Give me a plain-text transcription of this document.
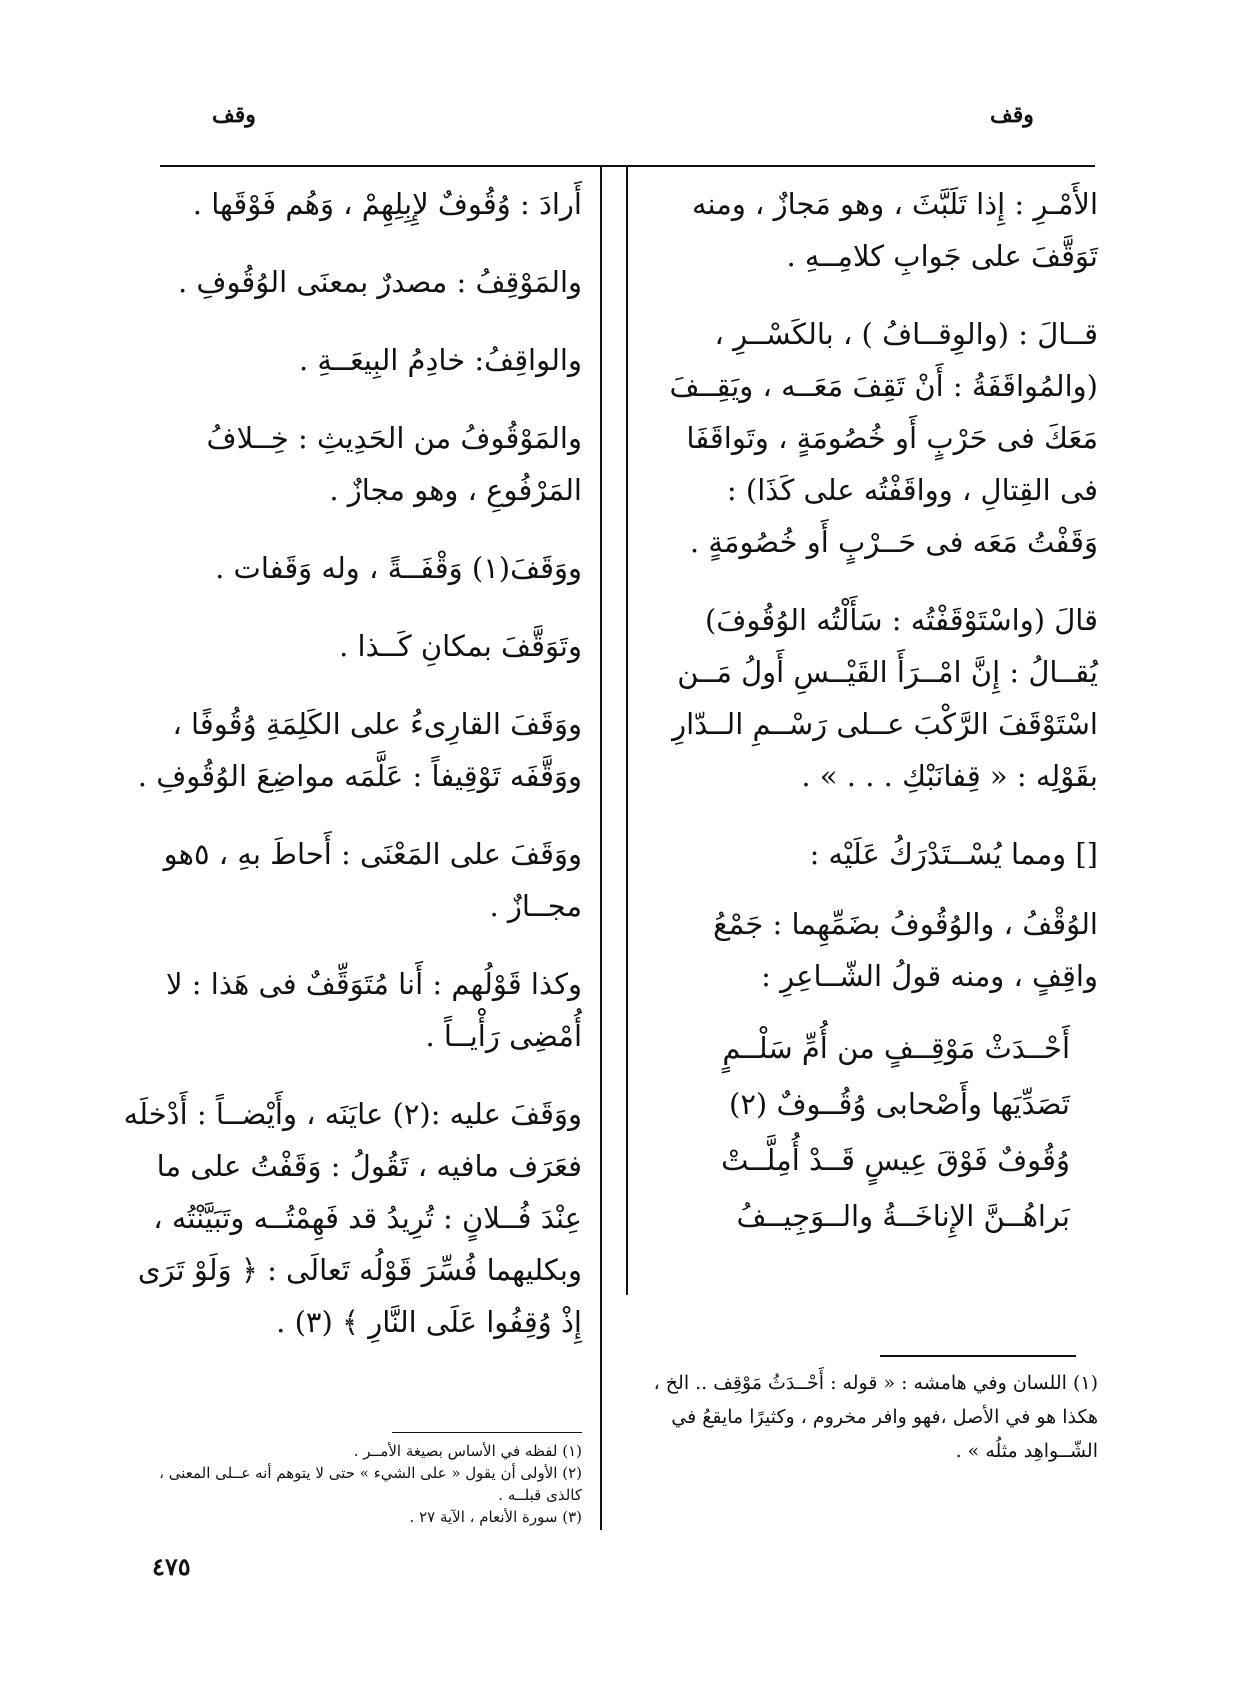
وقف
وقف

الأَمْـرِ : إِذا تَلَبَّثَ ، وهو مَجازٌ ، ومنه تَوَقَّفَ على جَوابِ كلامِــهِ .

قــالَ : (والوِقــافُ ) ، بالكَسْــرِ ، (والمُواقَفَةُ : أَنْ تَقِفَ مَعَــه ، ويَقِــفَ مَعَكَ فى حَرْبٍ أَو خُصُومَةٍ ، وتَواقَفَا فى القِتالِ ، وواقَفْتُه على كَذَا) : وَقَفْتُ مَعَه فى حَــرْبٍ أَو خُصُومَةٍ .

قالَ (واسْتَوْقَفْتُه : سَأَلْتُه الوُقُوفَ) يُقــالُ : إِنَّ امْــرَأَ القَيْــسِ أَولُ مَــن اسْتَوْقَفَ الرَّكْبَ عــلى رَسْــمِ الــدّارِ بقَوْلِه : « قِفانَبْكِ . . . » .

[] ومما يُسْــتَدْرَكُ عَلَيْه :

الوُقْفُ ، والوُقُوفُ بضَمِّهِما : جَمْعُ واقِفٍ ، ومنه قولُ الشّــاعِرِ :

أَحْــدَثْ مَوْقِــفٍ من أُمِّ سَلْــمٍ
تَصَدِّيَها وأَصْحابى وُقُــوفٌ (٢)
وُقُوفٌ فَوْقَ عِيسٍ قَــدْ أُمِلَّــتْ
بَراهُــنَّ الإِناخَــةُ والــوَجِيــفُ
(١) اللسان وفي هامشه : « قوله : أَحْــدَثُ مَوْقِف .. الخ ، هكذا هو في الأصل ،فهو وافر مخروم ، وكثيرًا مايقعُ في الشّــواهِد مثلُه » .

أَرادَ : وُقُوفٌ لإِبِلِهِمْ ، وَهُم فَوْقَها .

والمَوْقِفُ : مصدرٌ بمعنَى الوُقُوفِ .

والواقِفُ: خادِمُ البِيعَــةِ .

والمَوْقُوفُ من الحَدِيثِ : خِــلافُ المَرْفُوعِ ، وهو مجازٌ .

ووَقَفَ(١) وَقْفَــةً ، وله وَقَفات .

وتَوَقَّفَ بمكانِ كَــذا .

ووَقَفَ القارِىءُ على الكَلِمَةِ وُقُوفًا ، ووَقَّفَه تَوْقِيفاً : عَلَّمَه مواضِعَ الوُقُوفِ .

ووَقَفَ على المَعْنَى : أَحاطَ بهِ ، ٥هو مجــازٌ .

وكذا قَوْلُهم : أَنا مُتَوَقِّفٌ فى هَذا : لا أُمْضِى رَأْيــاً .

ووَقَفَ عليه :(٢) عايَنَه ، وأَيْضــاً : أَدْخلَه فعَرَف مافيه ، تَقُولُ : وَقَفْتُ على ما عِنْدَ فُــلانٍ : تُرِيدُ قد فَهِمْتُــه وتَبَيَّنْتُه ، وبكليهما فُسِّرَ قَوْلُه تَعالَى : ﴿ وَلَوْ تَرَى إِذْ وُقِفُوا عَلَى النَّارِ ﴾ (٣) .

(١) لفظه في الأساس بصيغة الأمــر .
(٢) الأولى أن يقول « على الشيء » حتى لا يتوهم أنه عــلى المعنى ، كالذى قبلــه .
(٣) سورة الأنعام ، الآية ٢٧ .
٤٧٥
